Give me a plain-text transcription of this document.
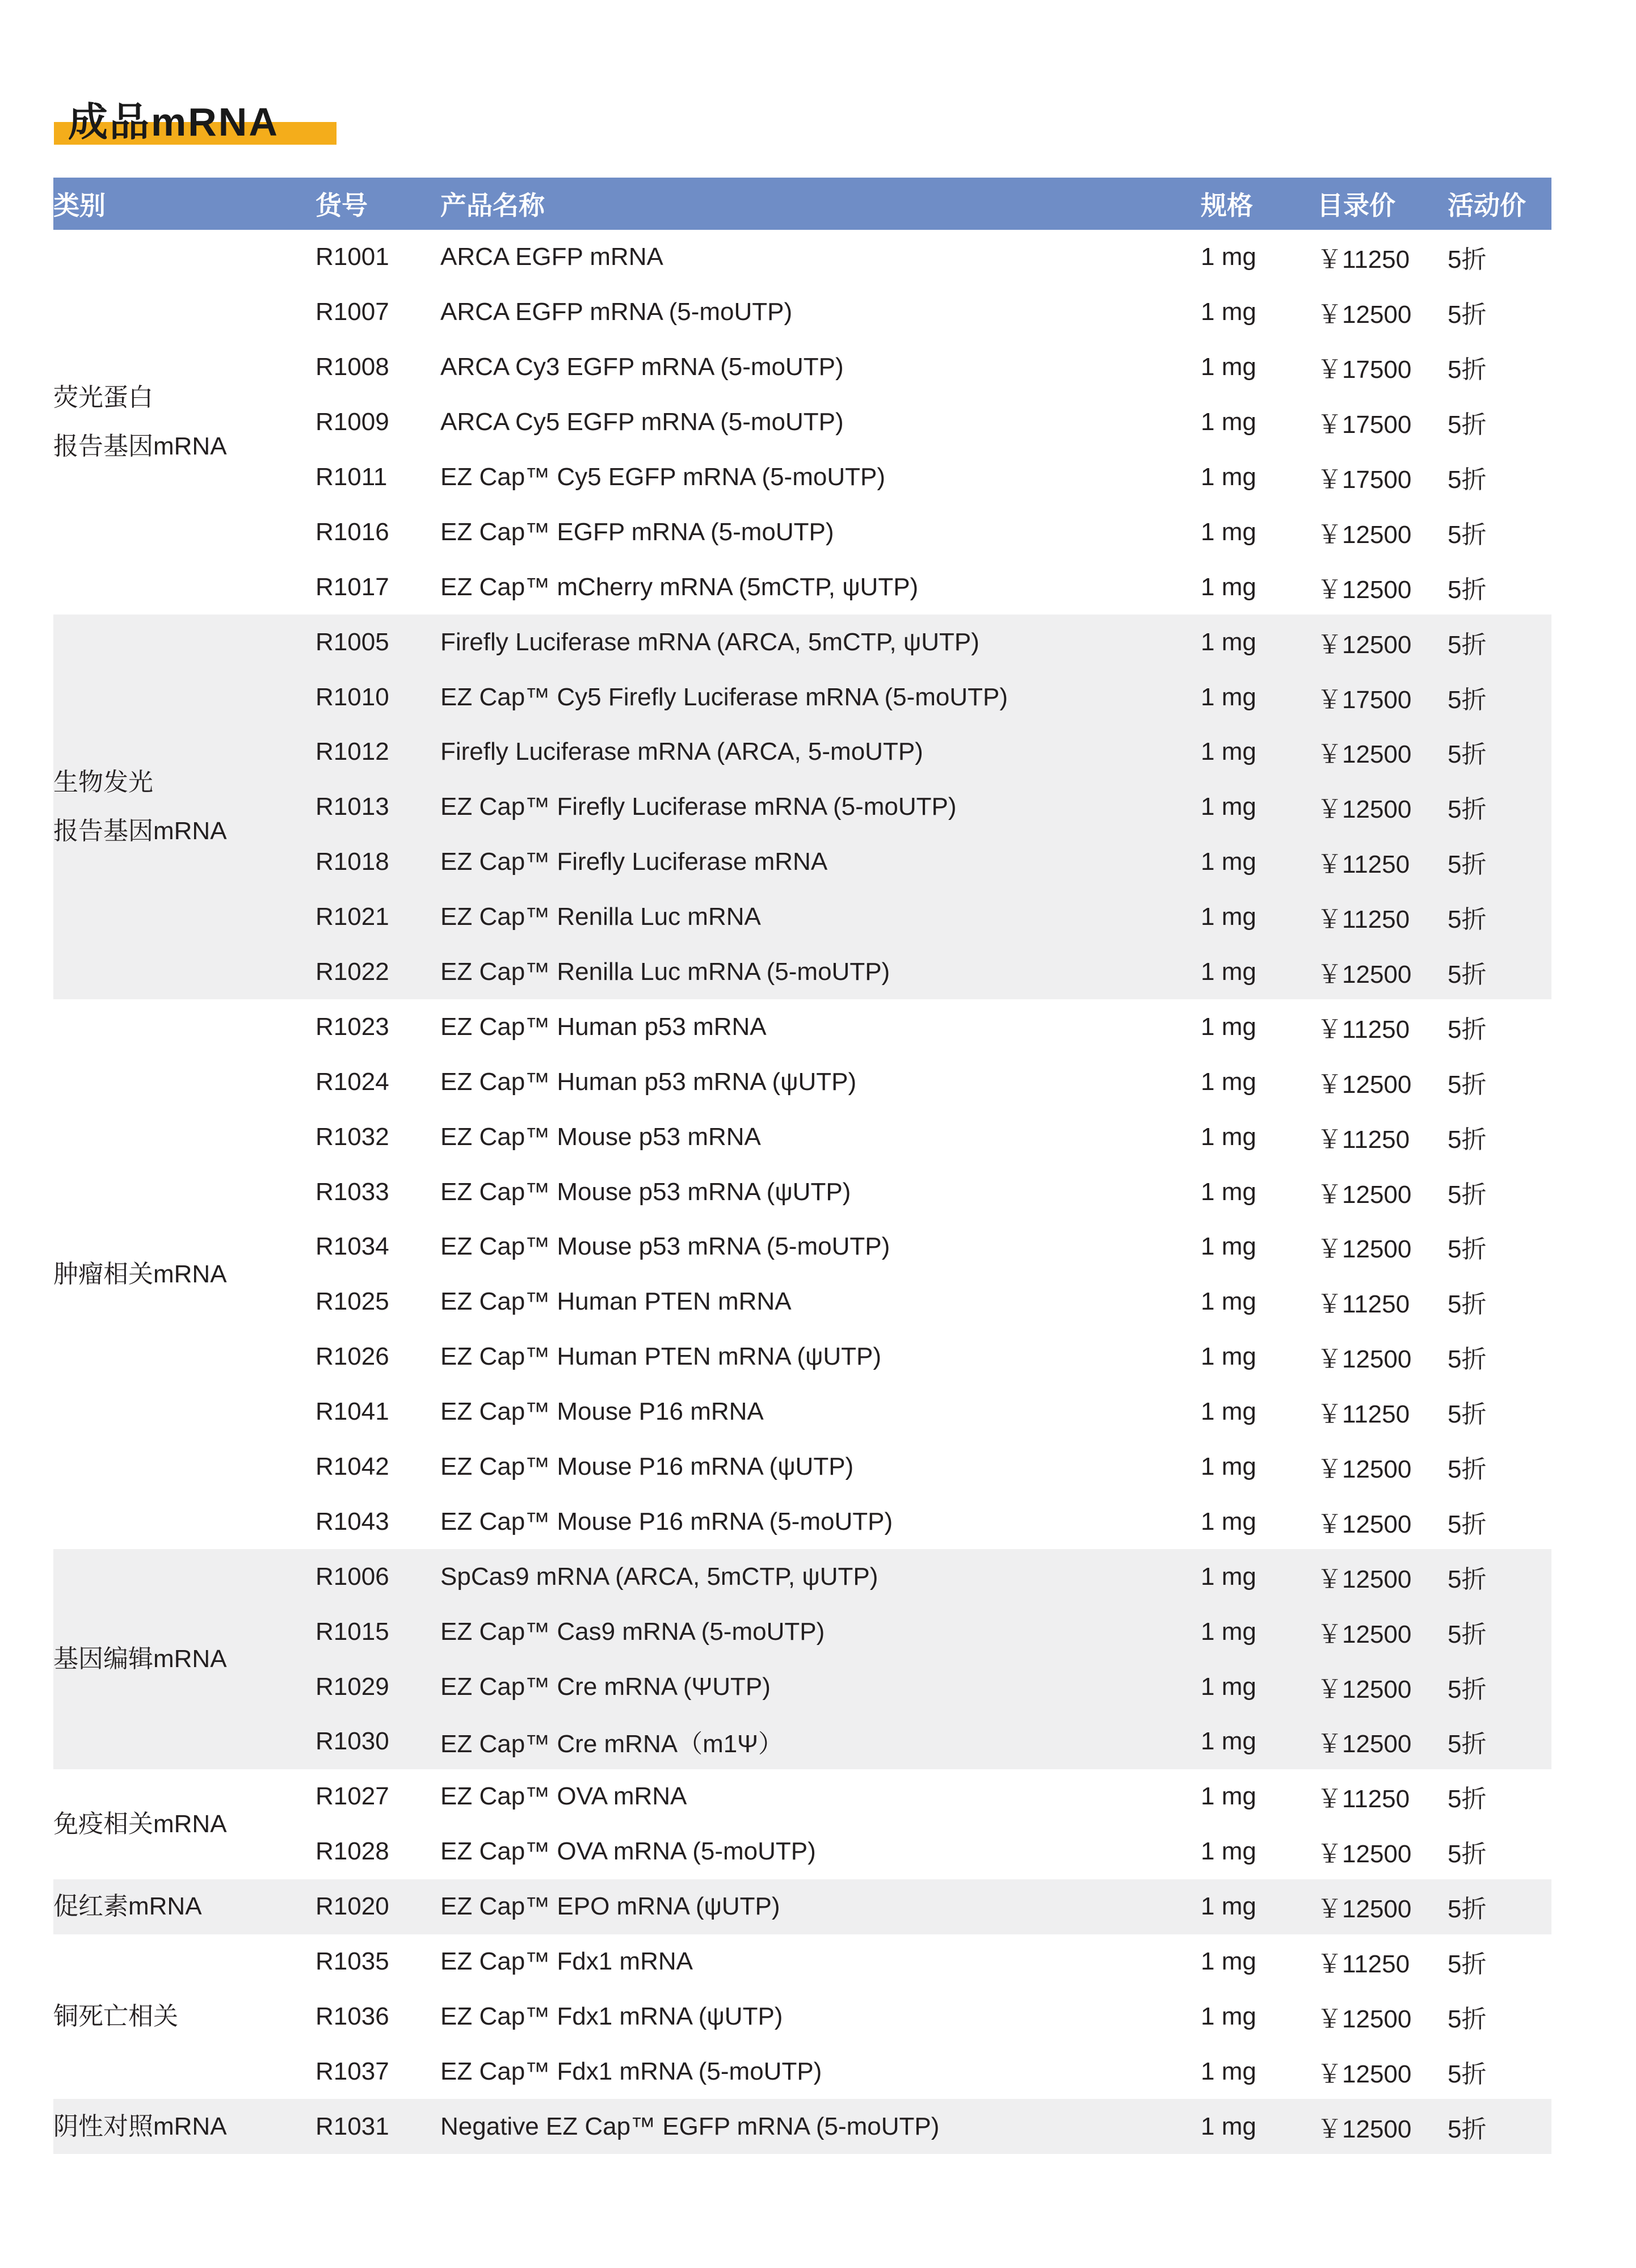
成品mRNA
类别	货号	产品名称	规格	目录价	活动价

荧光蛋白
报告基因mRNA	R1001	ARCA EGFP mRNA	1 mg	￥11250	5折
	R1007	ARCA EGFP mRNA (5-moUTP)	1 mg	￥12500	5折
	R1008	ARCA Cy3 EGFP mRNA (5-moUTP)	1 mg	￥17500	5折
	R1009	ARCA Cy5 EGFP mRNA (5-moUTP)	1 mg	￥17500	5折
	R1011	EZ Cap™ Cy5 EGFP mRNA (5-moUTP)	1 mg	￥17500	5折
	R1016	EZ Cap™ EGFP mRNA (5-moUTP)	1 mg	￥12500	5折
	R1017	EZ Cap™ mCherry mRNA (5mCTP, ψUTP)	1 mg	￥12500	5折

生物发光
报告基因mRNA	R1005	Firefly Luciferase mRNA (ARCA, 5mCTP, ψUTP)	1 mg	￥12500	5折
	R1010	EZ Cap™ Cy5 Firefly Luciferase mRNA (5-moUTP)	1 mg	￥17500	5折
	R1012	Firefly Luciferase mRNA (ARCA, 5-moUTP)	1 mg	￥12500	5折
	R1013	EZ Cap™ Firefly Luciferase mRNA (5-moUTP)	1 mg	￥12500	5折
	R1018	EZ Cap™ Firefly Luciferase mRNA	1 mg	￥11250	5折
	R1021	EZ Cap™ Renilla Luc mRNA	1 mg	￥11250	5折
	R1022	EZ Cap™ Renilla Luc mRNA (5-moUTP)	1 mg	￥12500	5折

肿瘤相关mRNA	R1023	EZ Cap™ Human p53 mRNA	1 mg	￥11250	5折
	R1024	EZ Cap™ Human p53 mRNA (ψUTP)	1 mg	￥12500	5折
	R1032	EZ Cap™ Mouse p53 mRNA	1 mg	￥11250	5折
	R1033	EZ Cap™ Mouse p53 mRNA (ψUTP)	1 mg	￥12500	5折
	R1034	EZ Cap™ Mouse p53 mRNA (5-moUTP)	1 mg	￥12500	5折
	R1025	EZ Cap™ Human PTEN mRNA	1 mg	￥11250	5折
	R1026	EZ Cap™ Human PTEN mRNA (ψUTP)	1 mg	￥12500	5折
	R1041	EZ Cap™ Mouse P16 mRNA	1 mg	￥11250	5折
	R1042	EZ Cap™ Mouse P16 mRNA (ψUTP)	1 mg	￥12500	5折
	R1043	EZ Cap™ Mouse P16 mRNA (5-moUTP)	1 mg	￥12500	5折

基因编辑mRNA	R1006	SpCas9 mRNA (ARCA, 5mCTP, ψUTP)	1 mg	￥12500	5折
	R1015	EZ Cap™ Cas9 mRNA (5-moUTP)	1 mg	￥12500	5折
	R1029	EZ Cap™ Cre mRNA (ΨUTP)	1 mg	￥12500	5折
	R1030	EZ Cap™ Cre mRNA（m1Ψ）	1 mg	￥12500	5折

免疫相关mRNA	R1027	EZ Cap™ OVA mRNA	1 mg	￥11250	5折
	R1028	EZ Cap™ OVA mRNA (5-moUTP)	1 mg	￥12500	5折

促红素mRNA	R1020	EZ Cap™ EPO mRNA (ψUTP)	1 mg	￥12500	5折

铜死亡相关	R1035	EZ Cap™ Fdx1 mRNA	1 mg	￥11250	5折
	R1036	EZ Cap™ Fdx1 mRNA (ψUTP)	1 mg	￥12500	5折
	R1037	EZ Cap™ Fdx1 mRNA (5-moUTP)	1 mg	￥12500	5折

阴性对照mRNA	R1031	Negative EZ Cap™ EGFP mRNA (5-moUTP)	1 mg	￥12500	5折
